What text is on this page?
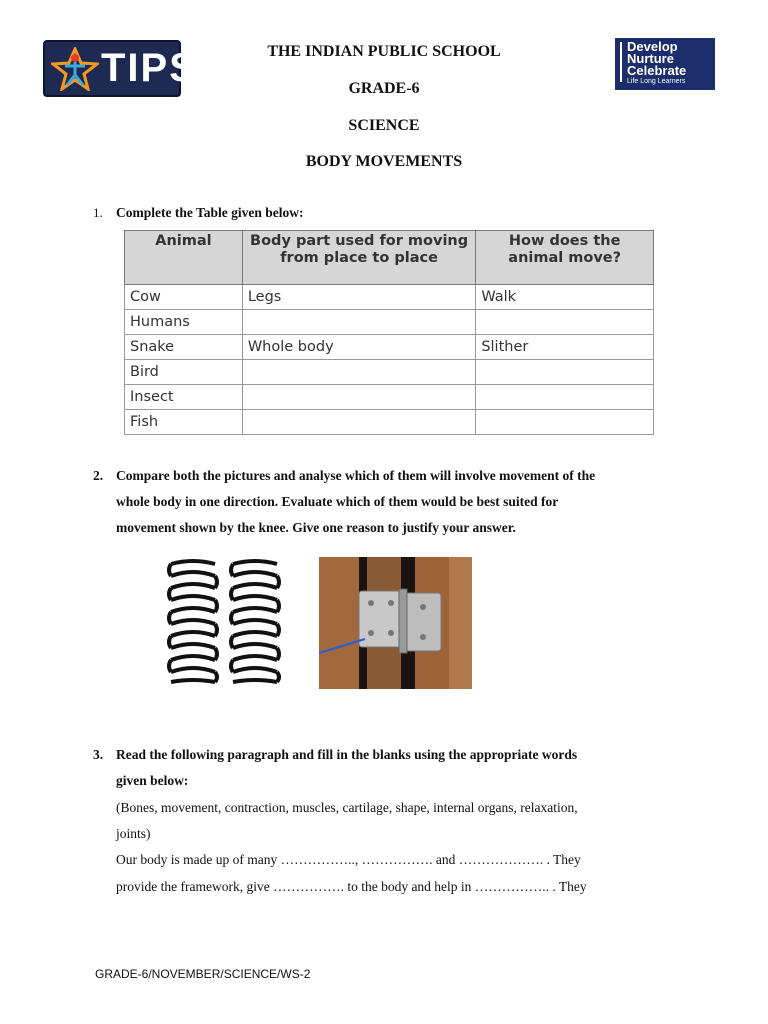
TIPS	Develop
Nurture
Celebrate
Life Long Learners
THE INDIAN PUBLIC SCHOOL
GRADE-6
SCIENCE
BODY MOVEMENTS
1. Complete the Table given below:
Animal	Body part used for moving from place to place	How does the animal move?
Cow	Legs	Walk
Humans		
Snake	Whole body	Slither
Bird		
Insect		
Fish		
2. Compare both the pictures and analyse which of them will involve movement of the
whole body in one direction. Evaluate which of them would be best suited for
movement shown by the knee. Give one reason to justify your answer.
3. Read the following paragraph and fill in the blanks using the appropriate words
given below:
(Bones, movement, contraction, muscles, cartilage, shape, internal organs, relaxation,
joints)
Our body is made up of many …………….., ……………. and ………………. . They
provide the framework, give ……………. to the body and help in …………….. . They
GRADE-6/NOVEMBER/SCIENCE/WS-2
